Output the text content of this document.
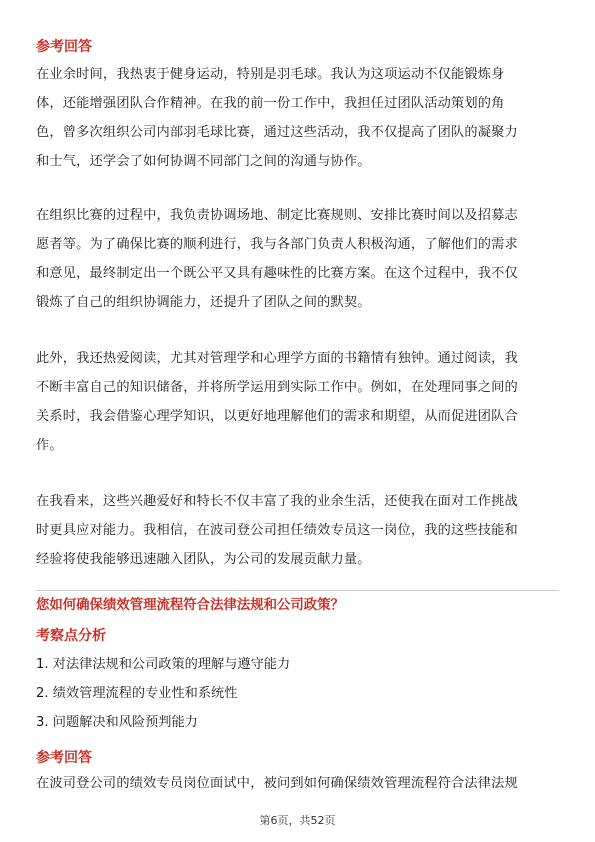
参考回答
在业余时间，我热衷于健身运动，特别是羽毛球。我认为这项运动不仅能锻炼身
体，还能增强团队合作精神。在我的前一份工作中，我担任过团队活动策划的角
色，曾多次组织公司内部羽毛球比赛，通过这些活动，我不仅提高了团队的凝聚力
和士气，还学会了如何协调不同部门之间的沟通与协作。
在组织比赛的过程中，我负责协调场地、制定比赛规则、安排比赛时间以及招募志
愿者等。为了确保比赛的顺利进行，我与各部门负责人积极沟通，了解他们的需求
和意见，最终制定出一个既公平又具有趣味性的比赛方案。在这个过程中，我不仅
锻炼了自己的组织协调能力，还提升了团队之间的默契。
此外，我还热爱阅读，尤其对管理学和心理学方面的书籍情有独钟。通过阅读，我
不断丰富自己的知识储备，并将所学运用到实际工作中。例如，在处理同事之间的
关系时，我会借鉴心理学知识，以更好地理解他们的需求和期望，从而促进团队合
作。
在我看来，这些兴趣爱好和特长不仅丰富了我的业余生活，还使我在面对工作挑战
时更具应对能力。我相信，在波司登公司担任绩效专员这一岗位，我的这些技能和
经验将使我能够迅速融入团队，为公司的发展贡献力量。
您如何确保绩效管理流程符合法律法规和公司政策？
考察点分析
1. 对法律法规和公司政策的理解与遵守能力
2. 绩效管理流程的专业性和系统性
3. 问题解决和风险预判能力
参考回答
在波司登公司的绩效专员岗位面试中，被问到如何确保绩效管理流程符合法律法规
第6页，共52页
